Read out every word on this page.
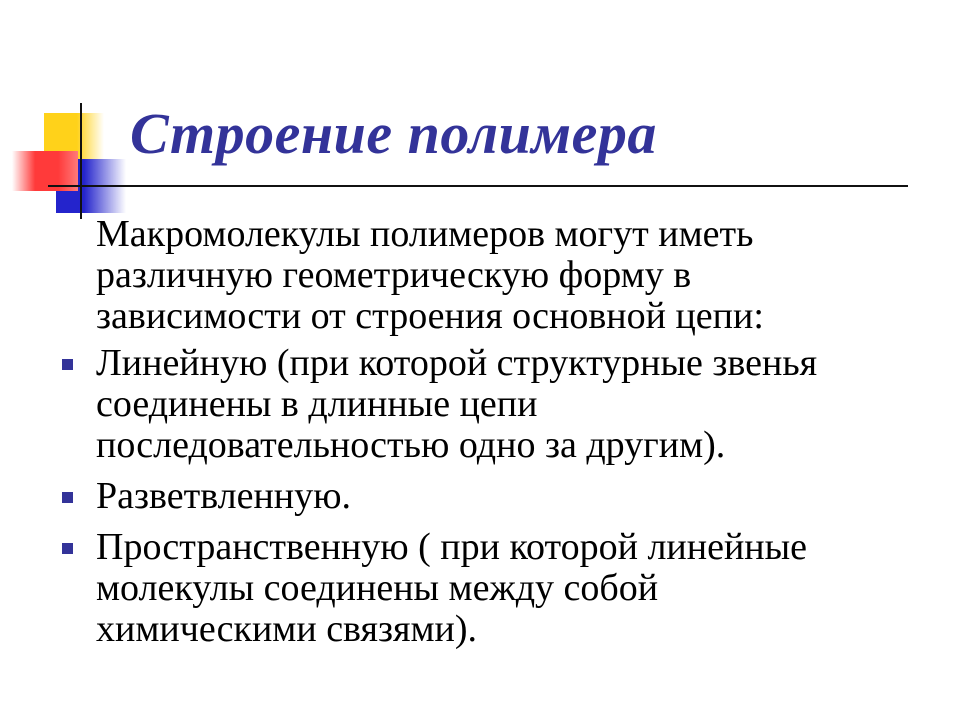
Строение полимера

Макромолекулы полимеров могут иметь
различную геометрическую форму в
зависимости от строения основной цепи:

Линейную (при которой структурные звенья
соединены в длинные цепи
последовательностью одно за другим).
Разветвленную.
Пространственную ( при которой линейные
молекулы соединены между собой
химическими связями).
